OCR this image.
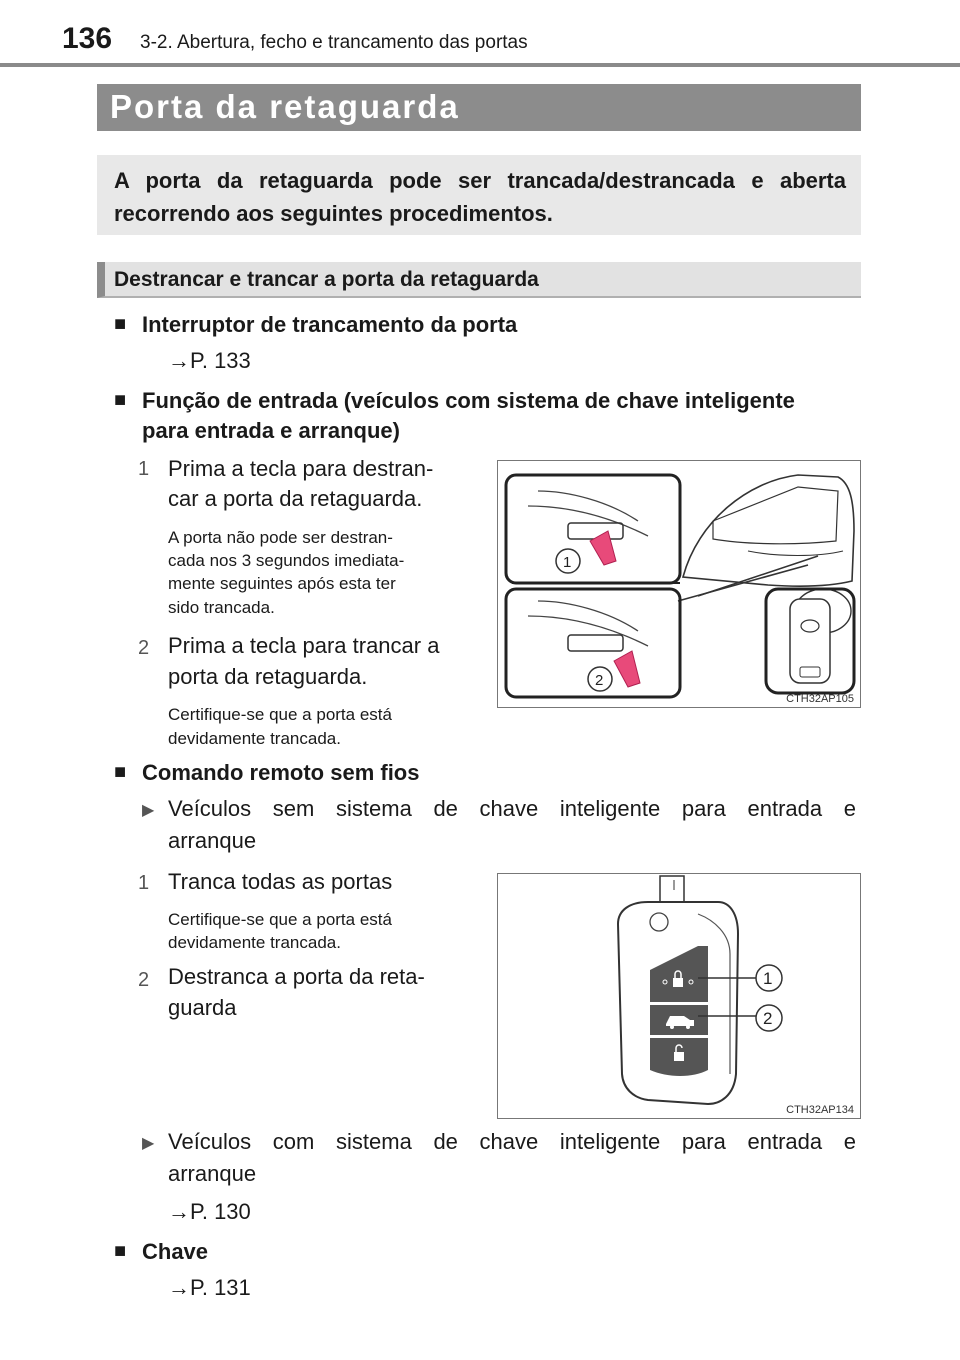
136 3-2. Abertura, fecho e trancamento das portas
Porta da retaguarda
A porta da retaguarda pode ser trancada/destrancada e aberta recorrendo aos seguintes procedimentos.
Destrancar e trancar a porta da retaguarda
■ Interruptor de trancamento da porta
→P. 133
■ Função de entrada (veículos com sistema de chave inteligente
para entrada e arranque)
1 Prima a tecla para destran-
car a porta da retaguarda.
A porta não pode ser destran-
cada nos 3 segundos imediata-
mente seguintes após esta ter
sido trancada.
2 Prima a tecla para trancar a
porta da retaguarda.
Certifique-se que a porta está
devidamente trancada.
1
2
CTH32AP105
■ Comando remoto sem fios
▶ Veículos sem sistema de chave inteligente para entrada e
arranque
1 Tranca todas as portas
Certifique-se que a porta está
devidamente trancada.
2 Destranca a porta da reta-
guarda
1
2
CTH32AP134
▶ Veículos com sistema de chave inteligente para entrada e
arranque
→P. 130
■ Chave
→P. 131
